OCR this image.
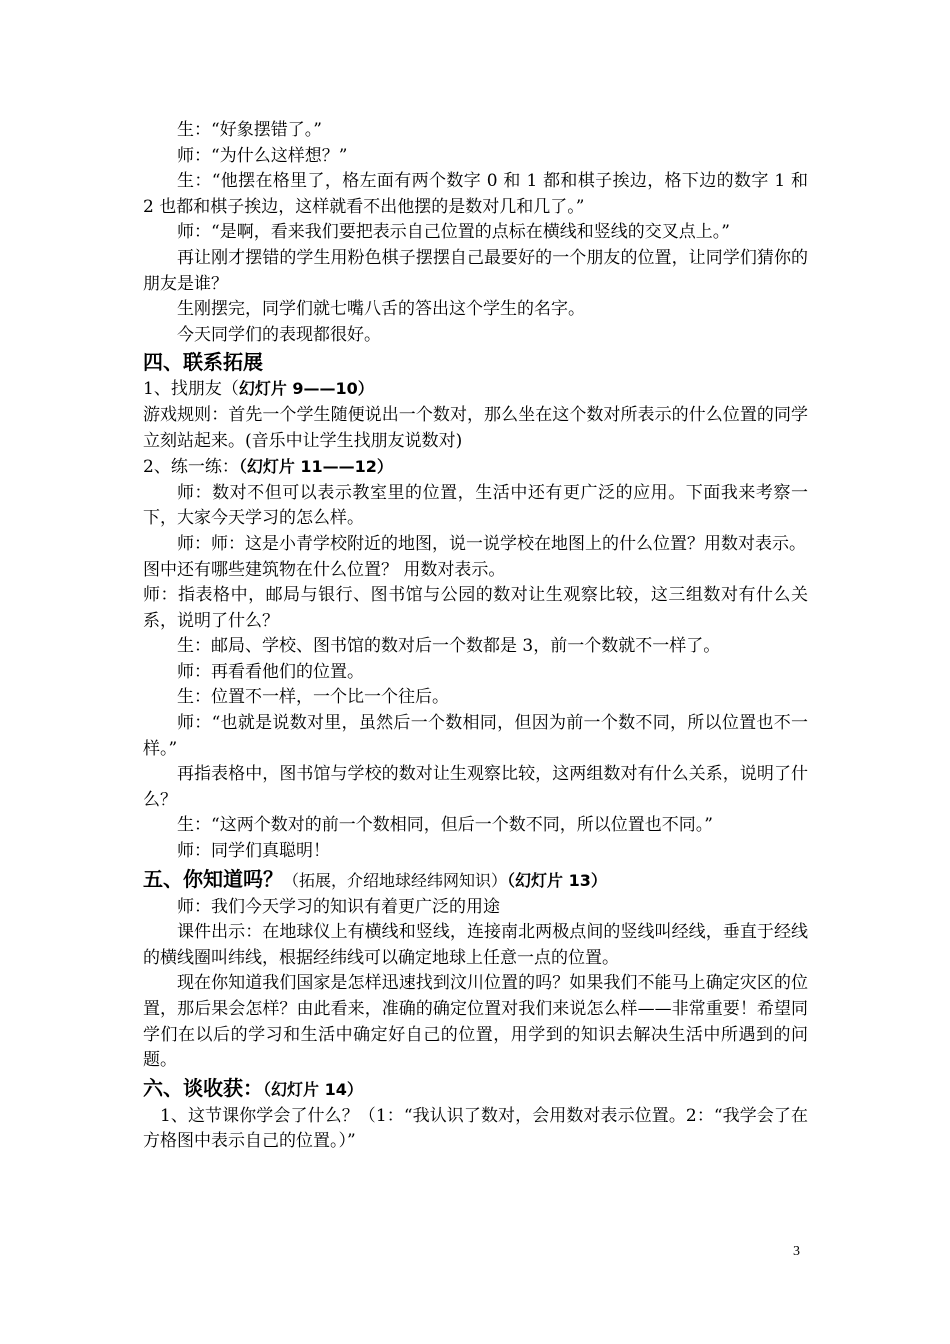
生：“好象摆错了。”

师：“为什么这样想？”

生：“他摆在格里了，格左面有两个数字 0 和 1 都和棋子挨边，格下边的数字 1 和 2 也都和棋子挨边，这样就看不出他摆的是数对几和几了。”

师：“是啊，看来我们要把表示自己位置的点标在横线和竖线的交叉点上。”

再让刚才摆错的学生用粉色棋子摆摆自己最要好的一个朋友的位置，让同学们猜你的朋友是谁？

生刚摆完，同学们就七嘴八舌的答出这个学生的名字。

今天同学们的表现都很好。

四、联系拓展

1、找朋友（幻灯片 9——10）

游戏规则：首先一个学生随便说出一个数对，那么坐在这个数对所表示的什么位置的同学立刻站起来。(音乐中让学生找朋友说数对)

2、练一练：（幻灯片 11——12）

师：数对不但可以表示教室里的位置，生活中还有更广泛的应用。下面我来考察一下，大家今天学习的怎么样。

师：师：这是小青学校附近的地图，说一说学校在地图上的什么位置？用数对表示。

图中还有哪些建筑物在什么位置？ 用数对表示。

师：指表格中，邮局与银行、图书馆与公园的数对让生观察比较，这三组数对有什么关系，说明了什么？

生：邮局、学校、图书馆的数对后一个数都是 3，前一个数就不一样了。

师：再看看他们的位置。

生：位置不一样，一个比一个往后。

师：“也就是说数对里，虽然后一个数相同，但因为前一个数不同，所以位置也不一样。”

再指表格中，图书馆与学校的数对让生观察比较，这两组数对有什么关系，说明了什么？

生：“这两个数对的前一个数相同，但后一个数不同，所以位置也不同。”

师：同学们真聪明！

五、你知道吗？（拓展，介绍地球经纬网知识）（幻灯片 13）

师：我们今天学习的知识有着更广泛的用途

课件出示：在地球仪上有横线和竖线，连接南北两极点间的竖线叫经线，垂直于经线的横线圈叫纬线，根据经纬线可以确定地球上任意一点的位置。

现在你知道我们国家是怎样迅速找到汶川位置的吗？如果我们不能马上确定灾区的位置，那后果会怎样？由此看来，准确的确定位置对我们来说怎么样——非常重要！希望同学们在以后的学习和生活中确定好自己的位置，用学到的知识去解决生活中所遇到的问题。

六、谈收获：（幻灯片 14）

1、这节课你学会了什么？（1：“我认识了数对，会用数对表示位置。2：“我学会了在方格图中表示自己的位置。）”

3
